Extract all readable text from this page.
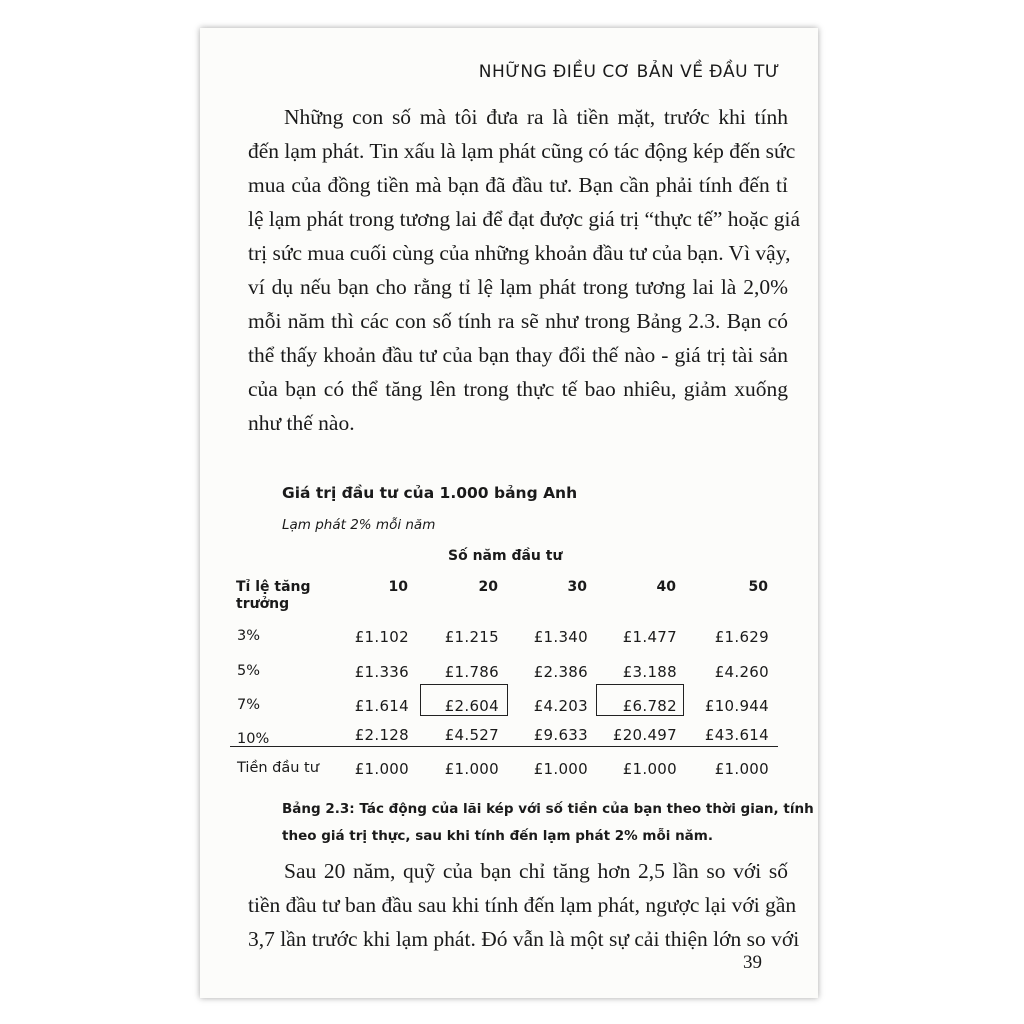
NHỮNG ĐIỀU CƠ BẢN VỀ ĐẦU TƯ
Những con số mà tôi đưa ra là tiền mặt, trước khi tính
đến lạm phát. Tin xấu là lạm phát cũng có tác động kép đến sức
mua của đồng tiền mà bạn đã đầu tư. Bạn cần phải tính đến tỉ
lệ lạm phát trong tương lai để đạt được giá trị “thực tế” hoặc giá
trị sức mua cuối cùng của những khoản đầu tư của bạn. Vì vậy,
ví dụ nếu bạn cho rằng tỉ lệ lạm phát trong tương lai là 2,0%
mỗi năm thì các con số tính ra sẽ như trong Bảng 2.3. Bạn có
thể thấy khoản đầu tư của bạn thay đổi thế nào - giá trị tài sản
của bạn có thể tăng lên trong thực tế bao nhiêu, giảm xuống
như thế nào.
Giá trị đầu tư của 1.000 bảng Anh
Lạm phát 2% mỗi năm
Số năm đầu tư
Tỉ lệ tăng trưởng
10	20	30	40	50
3%	£1.102	£1.215	£1.340	£1.477	£1.629
5%	£1.336	£1.786	£2.386	£3.188	£4.260
7%	£1.614	£2.604	£4.203	£6.782	£10.944
10%	£2.128	£4.527	£9.633	£20.497	£43.614
Tiền đầu tư	£1.000	£1.000	£1.000	£1.000	£1.000
Bảng 2.3: Tác động của lãi kép với số tiền của bạn theo thời gian, tính
theo giá trị thực, sau khi tính đến lạm phát 2% mỗi năm.
Sau 20 năm, quỹ của bạn chỉ tăng hơn 2,5 lần so với số
tiền đầu tư ban đầu sau khi tính đến lạm phát, ngược lại với gần
3,7 lần trước khi lạm phát. Đó vẫn là một sự cải thiện lớn so với
39
